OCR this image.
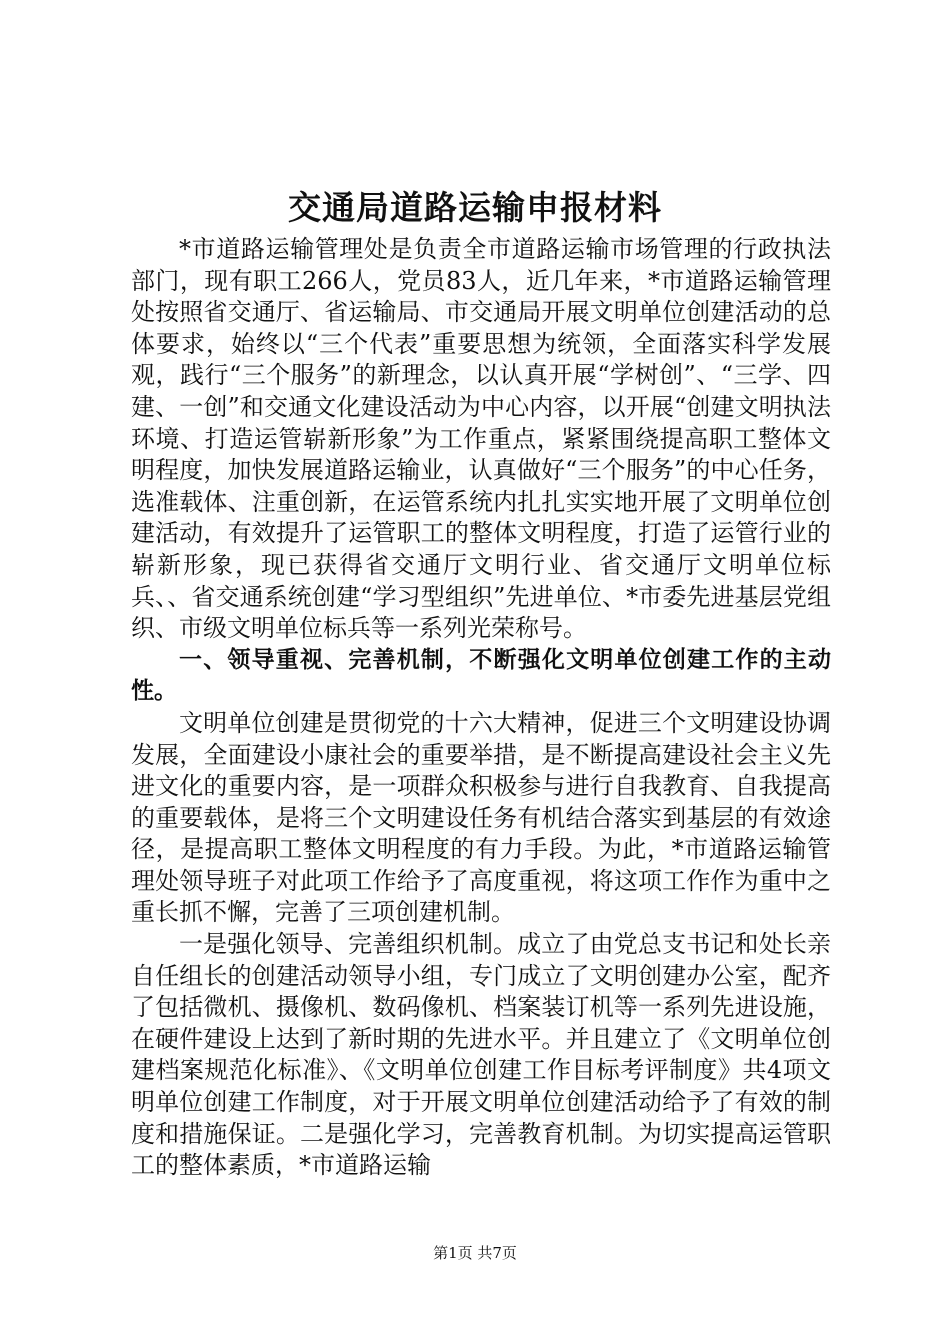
交通局道路运输申报材料

*市道路运输管理处是负责全市道路运输市场管理的行政执法部门，现有职工266人，党员83人，近几年来，*市道路运输管理处按照省交通厅、省运输局、市交通局开展文明单位创建活动的总体要求，始终以“三个代表”重要思想为统领，全面落实科学发展观，践行“三个服务”的新理念，以认真开展“学树创”、“三学、四建、一创”和交通文化建设活动为中心内容，以开展“创建文明执法环境、打造运管崭新形象”为工作重点，紧紧围绕提高职工整体文明程度，加快发展道路运输业，认真做好“三个服务”的中心任务，选准载体、注重创新，在运管系统内扎扎实实地开展了文明单位创建活动，有效提升了运管职工的整体文明程度，打造了运管行业的崭新形象，现已获得省交通厅文明行业、省交通厅文明单位标兵、、省交通系统创建“学习型组织”先进单位、*市委先进基层党组织、市级文明单位标兵等一系列光荣称号。

一、领导重视、完善机制，不断强化文明单位创建工作的主动性。

文明单位创建是贯彻党的十六大精神，促进三个文明建设协调发展，全面建设小康社会的重要举措，是不断提高建设社会主义先进文化的重要内容，是一项群众积极参与进行自我教育、自我提高的重要载体，是将三个文明建设任务有机结合落实到基层的有效途径，是提高职工整体文明程度的有力手段。为此，*市道路运输管理处领导班子对此项工作给予了高度重视，将这项工作作为重中之重长抓不懈，完善了三项创建机制。

一是强化领导、完善组织机制。成立了由党总支书记和处长亲自任组长的创建活动领导小组，专门成立了文明创建办公室，配齐了包括微机、摄像机、数码像机、档案装订机等一系列先进设施，在硬件建设上达到了新时期的先进水平。并且建立了《文明单位创建档案规范化标准》、《文明单位创建工作目标考评制度》共4项文明单位创建工作制度，对于开展文明单位创建活动给予了有效的制度和措施保证。二是强化学习，完善教育机制。为切实提高运管职工的整体素质，*市道路运输

第1页 共7页
